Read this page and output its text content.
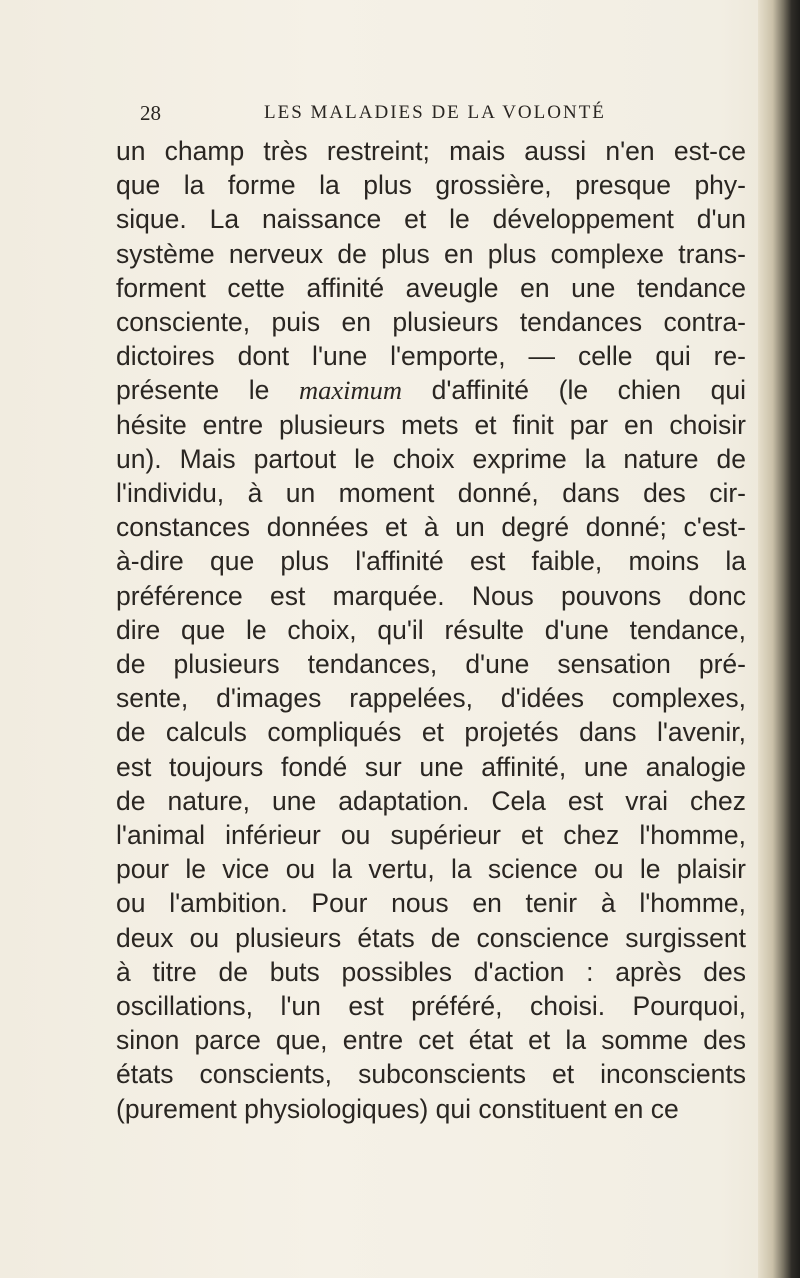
28	LES MALADIES DE LA VOLONTÉ
un champ très restreint; mais aussi n'en est-ce
que la forme la plus grossière, presque phy-
sique. La naissance et le développement d'un
système nerveux de plus en plus complexe trans-
forment cette affinité aveugle en une tendance
consciente, puis en plusieurs tendances contra-
dictoires dont l'une l'emporte, — celle qui re-
présente le maximum d'affinité (le chien qui
hésite entre plusieurs mets et finit par en choisir
un). Mais partout le choix exprime la nature de
l'individu, à un moment donné, dans des cir-
constances données et à un degré donné; c'est-
à-dire que plus l'affinité est faible, moins la
préférence est marquée. Nous pouvons donc
dire que le choix, qu'il résulte d'une tendance,
de plusieurs tendances, d'une sensation pré-
sente, d'images rappelées, d'idées complexes,
de calculs compliqués et projetés dans l'avenir,
est toujours fondé sur une affinité, une analogie
de nature, une adaptation. Cela est vrai chez
l'animal inférieur ou supérieur et chez l'homme,
pour le vice ou la vertu, la science ou le plaisir
ou l'ambition. Pour nous en tenir à l'homme,
deux ou plusieurs états de conscience surgissent
à titre de buts possibles d'action : après des
oscillations, l'un est préféré, choisi. Pourquoi,
sinon parce que, entre cet état et la somme des
états conscients, subconscients et inconscients
(purement physiologiques) qui constituent en ce
